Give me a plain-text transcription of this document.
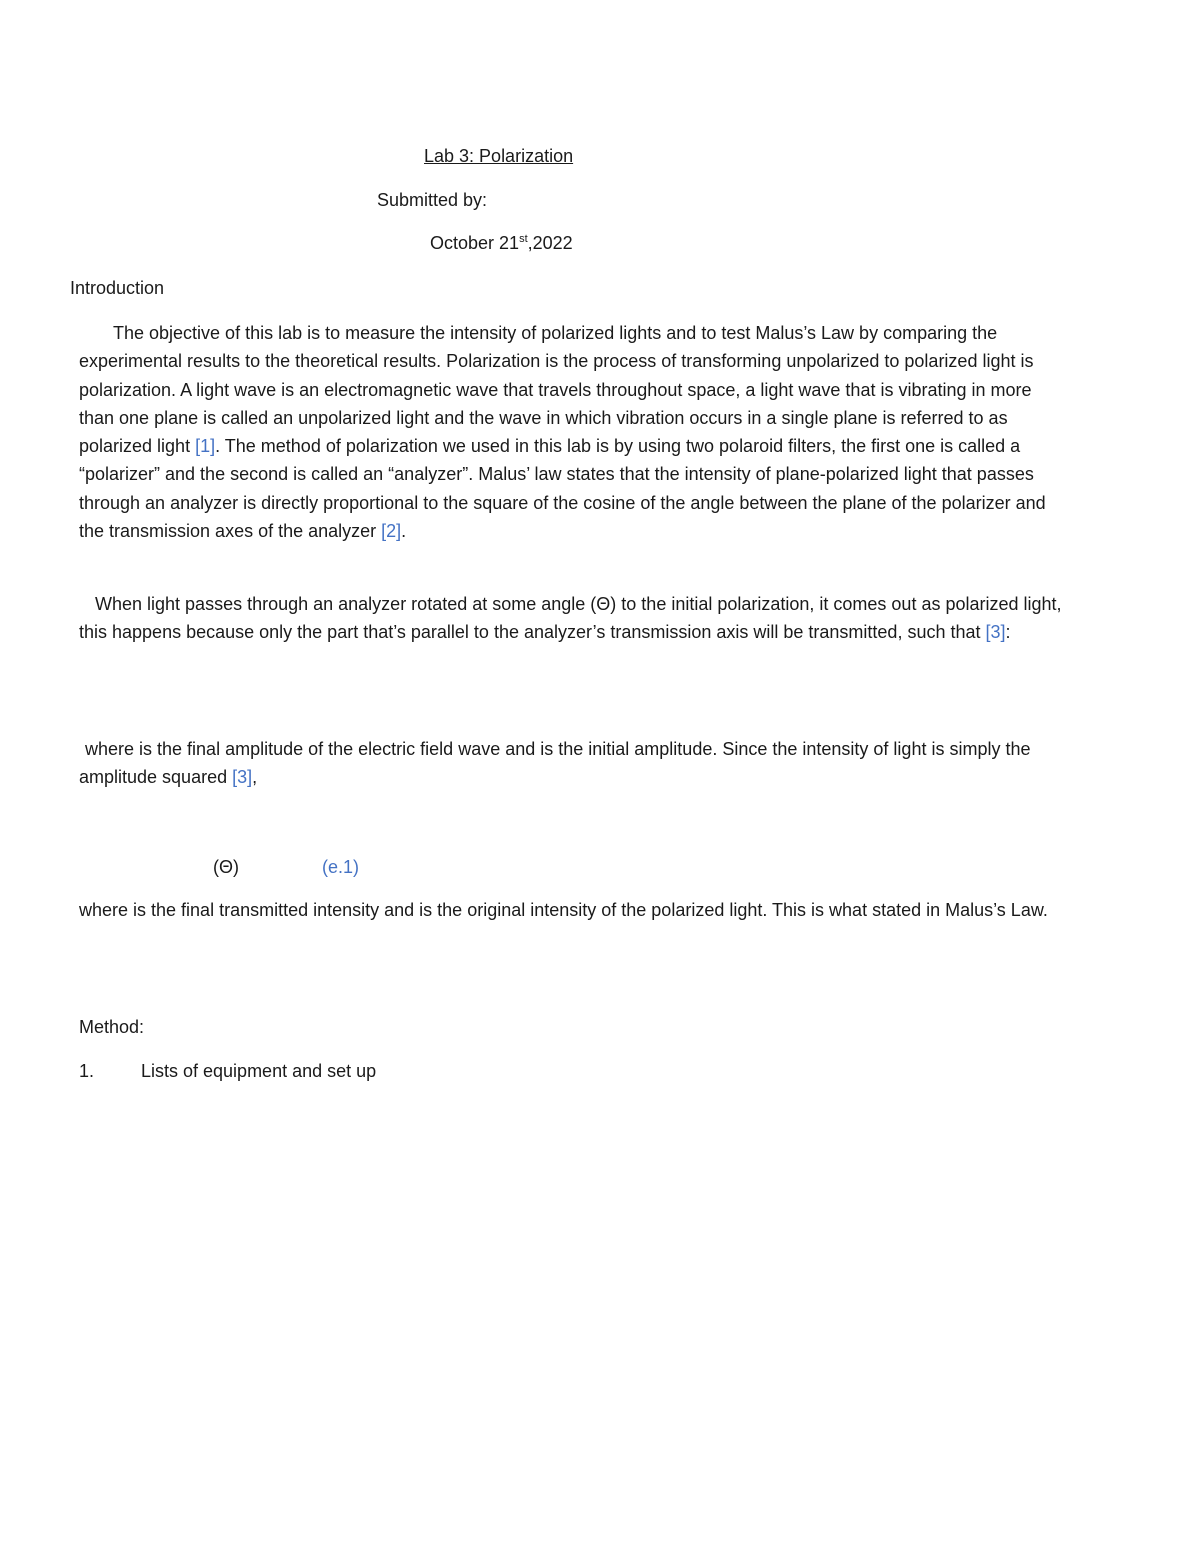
Lab 3: Polarization
Submitted by:
October 21st,2022
Introduction
The objective of this lab is to measure the intensity of polarized lights and to test Malus’s Law by comparing the experimental results to the theoretical results. Polarization is the process of transforming unpolarized to polarized light is polarization. A light wave is an electromagnetic wave that travels throughout space, a light wave that is vibrating in more than one plane is called an unpolarized light and the wave in which vibration occurs in a single plane is referred to as polarized light [1]. The method of polarization we used in this lab is by using two polaroid filters, the first one is called a “polarizer” and the second is called an “analyzer”. Malus’ law states that the intensity of plane-polarized light that passes through an analyzer is directly proportional to the square of the cosine of the angle between the plane of the polarizer and the transmission axes of the analyzer [2].
When light passes through an analyzer rotated at some angle (Θ) to the initial polarization, it comes out as polarized light, this happens because only the part that’s parallel to the analyzer’s transmission axis will be transmitted, such that [3]:
where is the final amplitude of the electric field wave and is the initial amplitude. Since the intensity of light is simply the amplitude squared [3],
(Θ)	(e.1)
where is the final transmitted intensity and is the original intensity of the polarized light. This is what stated in Malus’s Law.
Method:
1.	Lists of equipment and set up
